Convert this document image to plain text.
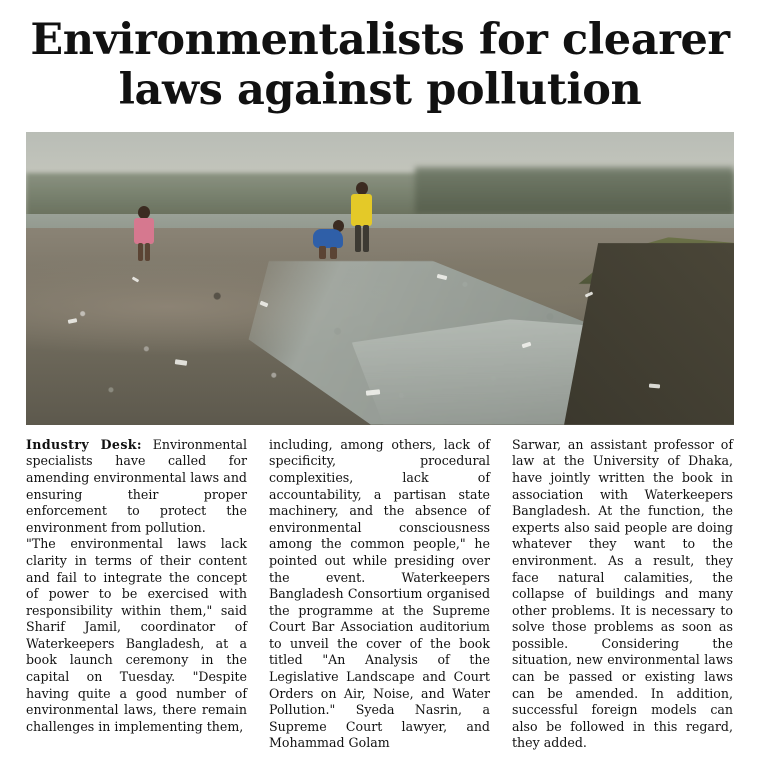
Environmentalists for clearer
laws against pollution

Industry Desk: Environmental specialists have called for amending environmental laws and ensuring their proper enforcement to protect the environment from pollution.

"The environmental laws lack clarity in terms of their content and fail to integrate the concept of power to be exercised with responsibility within them," said Sharif Jamil, coordinator of Waterkeepers Bangladesh, at a book launch ceremony in the capital on Tuesday. "Despite having quite a good number of environmental laws, there remain challenges in implementing them,

including, among others, lack of specificity, procedural complexities, lack of accountability, a partisan state machinery, and the absence of environmental consciousness among the common people," he pointed out while presiding over the event. Waterkeepers Bangladesh Consortium organised the programme at the Supreme Court Bar Association auditorium to unveil the cover of the book titled "An Analysis of the Legislative Landscape and Court Orders on Air, Noise, and Water Pollution." Syeda Nasrin, a Supreme Court lawyer, and Mohammad Golam

Sarwar, an assistant professor of law at the University of Dhaka, have jointly written the book in association with Waterkeepers Bangladesh. At the function, the experts also said people are doing whatever they want to the environment. As a result, they face natural calamities, the collapse of buildings and many other problems. It is necessary to solve those problems as soon as possible. Considering the situation, new environmental laws can be passed or existing laws can be amended. In addition, successful foreign models can also be followed in this regard, they added.
